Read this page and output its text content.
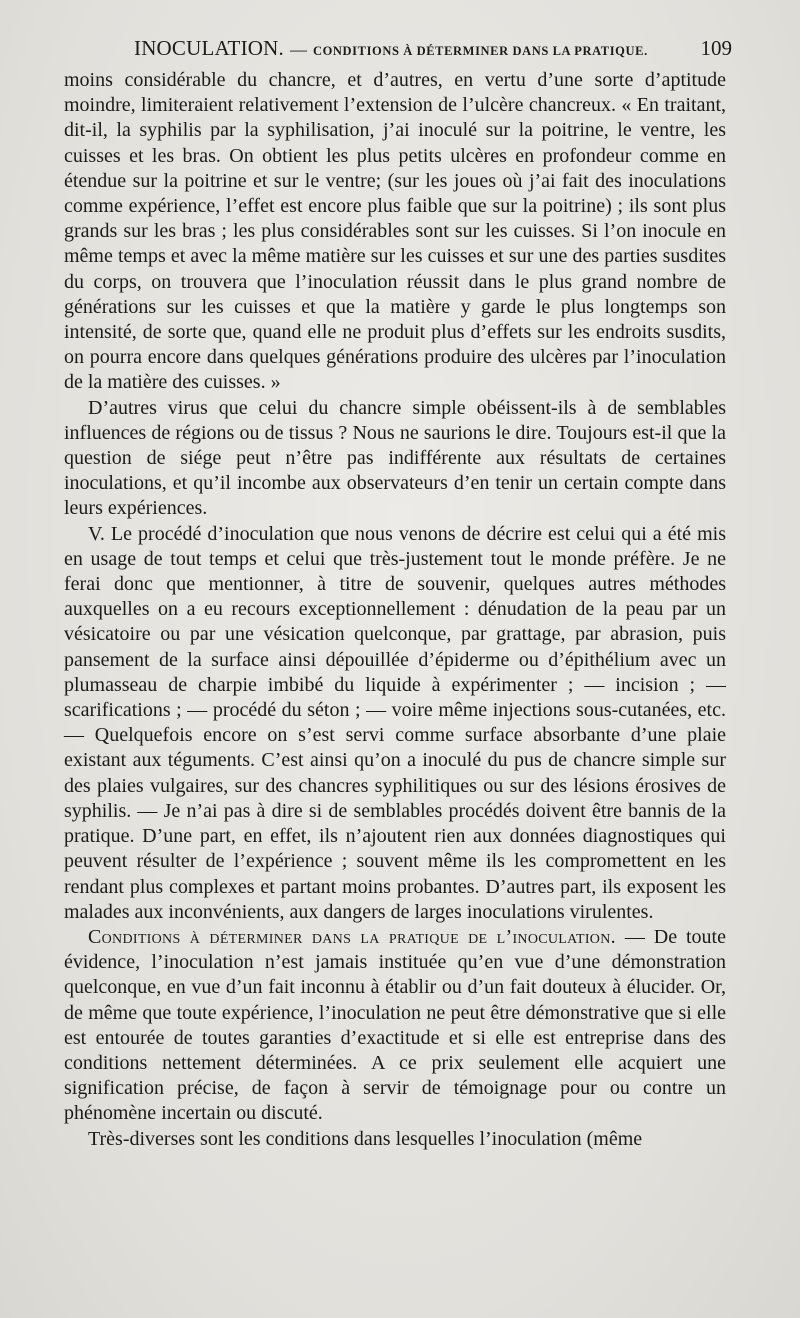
INOCULATION. — CONDITIONS À DÉTERMINER DANS LA PRATIQUE.	109

moins considérable du chancre, et d’autres, en vertu d’une sorte d’aptitude moindre, limiteraient relativement l’extension de l’ulcère chancreux. « En traitant, dit-il, la syphilis par la syphilisation, j’ai inoculé sur la poitrine, le ventre, les cuisses et les bras. On obtient les plus petits ulcères en profondeur comme en étendue sur la poitrine et sur le ventre; (sur les joues où j’ai fait des inoculations comme expérience, l’effet est encore plus faible que sur la poitrine) ; ils sont plus grands sur les bras ; les plus considérables sont sur les cuisses. Si l’on inocule en même temps et avec la même matière sur les cuisses et sur une des parties susdites du corps, on trouvera que l’inoculation réussit dans le plus grand nombre de générations sur les cuisses et que la matière y garde le plus longtemps son intensité, de sorte que, quand elle ne produit plus d’effets sur les endroits susdits, on pourra encore dans quelques générations produire des ulcères par l’inoculation de la matière des cuisses. »

D’autres virus que celui du chancre simple obéissent-ils à de semblables influences de régions ou de tissus ? Nous ne saurions le dire. Toujours est-il que la question de siége peut n’être pas indifférente aux résultats de certaines inoculations, et qu’il incombe aux observateurs d’en tenir un certain compte dans leurs expériences.

V. Le procédé d’inoculation que nous venons de décrire est celui qui a été mis en usage de tout temps et celui que très-justement tout le monde préfère. Je ne ferai donc que mentionner, à titre de souvenir, quelques autres méthodes auxquelles on a eu recours exceptionnellement : dénudation de la peau par un vésicatoire ou par une vésication quelconque, par grattage, par abrasion, puis pansement de la surface ainsi dépouillée d’épiderme ou d’épithélium avec un plumasseau de charpie imbibé du liquide à expérimenter ; — incision ; — scarifications ; — procédé du séton ; — voire même injections sous-cutanées, etc. — Quelquefois encore on s’est servi comme surface absorbante d’une plaie existant aux téguments. C’est ainsi qu’on a inoculé du pus de chancre simple sur des plaies vulgaires, sur des chancres syphilitiques ou sur des lésions érosives de syphilis. — Je n’ai pas à dire si de semblables procédés doivent être bannis de la pratique. D’une part, en effet, ils n’ajoutent rien aux données diagnostiques qui peuvent résulter de l’expérience ; souvent même ils les compromettent en les rendant plus complexes et partant moins probantes. D’autres part, ils exposent les malades aux inconvénients, aux dangers de larges inoculations virulentes.

Conditions à déterminer dans la pratique de l’inoculation. — De toute évidence, l’inoculation n’est jamais instituée qu’en vue d’une démonstration quelconque, en vue d’un fait inconnu à établir ou d’un fait douteux à élucider. Or, de même que toute expérience, l’inoculation ne peut être démonstrative que si elle est entourée de toutes garanties d’exactitude et si elle est entreprise dans des conditions nettement déterminées. A ce prix seulement elle acquiert une signification précise, de façon à servir de témoignage pour ou contre un phénomène incertain ou discuté.

Très-diverses sont les conditions dans lesquelles l’inoculation (même
